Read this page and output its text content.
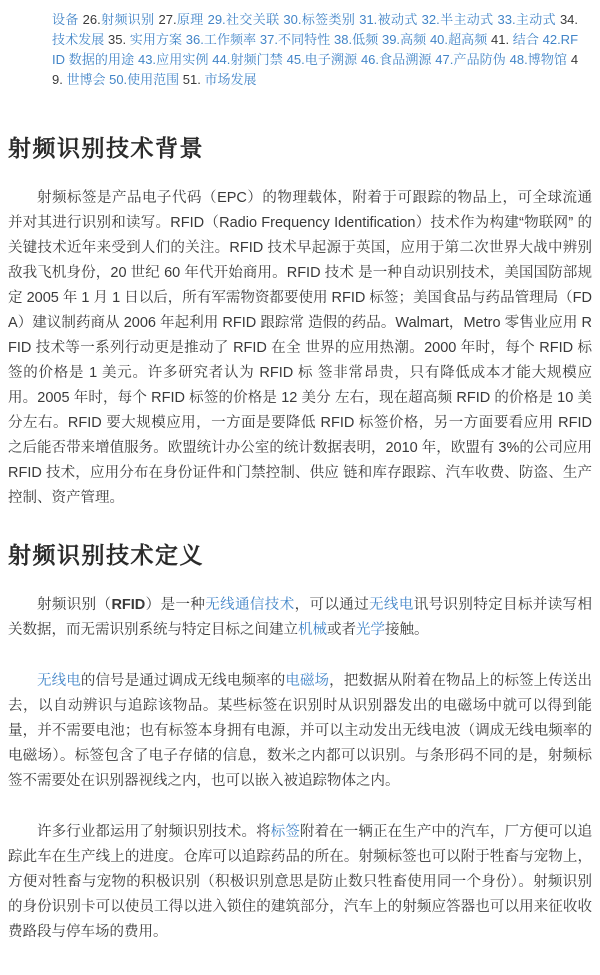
设备 26.射频识别 27.原理 29.社交关联 30.标签类别 31.被动式 32.半主动式 33.主动式 34. 技术发展 35. 实用方案 36.工作频率 37.不同特性 38.低频 39.高频 40.超高频 41. 结合 42.RFID 数据的用途 43.应用实例 44.射频门禁 45.电子溯源 46.食品溯源 47.产品防伪 48.博物馆 49. 世博会 50.使用范围 51. 市场发展
射频识别技术背景

射频标签是产品电子代码（EPC）的物理载体，附着于可跟踪的物品上，可全球流通 并对其进行识别和读写。RFID（Radio Frequency Identification）技术作为构建“物联网” 的关键技术近年来受到人们的关注。RFID 技术早起源于英国，应用于第二次世界大战中辨别敌我飞机身份，20 世纪 60 年代开始商用。RFID 技术 是一种自动识别技术，美国国防部规定 2005 年 1 月 1 日以后，所有军需物资都要使用 RFID 标签；美国食品与药品管理局（FDA）建议制药商从 2006 年起利用 RFID 跟踪常 造假的药品。Walmart，Metro 零售业应用 RFID 技术等一系列行动更是推动了 RFID 在全 世界的应用热潮。2000 年时，每个 RFID 标签的价格是 1 美元。许多研究者认为 RFID 标 签非常昂贵，只有降低成本才能大规模应用。2005 年时，每个 RFID 标签的价格是 12 美分 左右，现在超高频 RFID 的价格是 10 美分左右。RFID 要大规模应用，一方面是要降低 RFID 标签价格，另一方面要看应用 RFID 之后能否带来增值服务。欧盟统计办公室的统计数据表明，2010 年，欧盟有 3%的公司应用 RFID 技术，应用分布在身份证件和门禁控制、供应 链和库存跟踪、汽车收费、防盗、生产控制、资产管理。

射频识别技术定义

射频识别（RFID）是一种无线通信技术，可以通过无线电讯号识别特定目标并读写相关数据，而无需识别系统与特定目标之间建立机械或者光学接触。

无线电的信号是通过调成无线电频率的电磁场，把数据从附着在物品上的标签上传送出去，以自动辨识与追踪该物品。某些标签在识别时从识别器发出的电磁场中就可以得到能量，并不需要电池；也有标签本身拥有电源，并可以主动发出无线电波（调成无线电频率的电磁场）。标签包含了电子存储的信息，数米之内都可以识别。与条形码不同的是，射频标签不需要处在识别器视线之内，也可以嵌入被追踪物体之内。

许多行业都运用了射频识别技术。将标签附着在一辆正在生产中的汽车，厂方便可以追踪此车在生产线上的进度。仓库可以追踪药品的所在。射频标签也可以附于牲畜与宠物上，方便对牲畜与宠物的积极识别（积极识别意思是防止数只牲畜使用同一个身份）。射频识别的身份识别卡可以使员工得以进入锁住的建筑部分，汽车上的射频应答器也可以用来征收收费路段与停车场的费用。
